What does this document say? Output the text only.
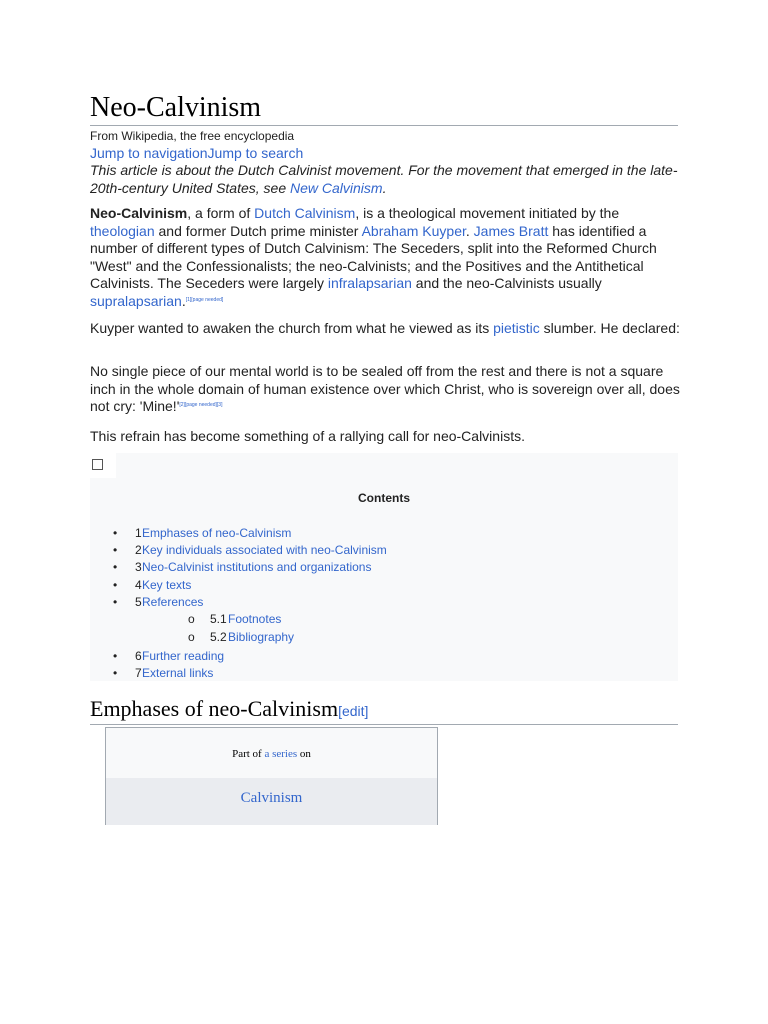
Neo-Calvinism
From Wikipedia, the free encyclopedia
Jump to navigationJump to search

This article is about the Dutch Calvinist movement. For the movement that emerged in the late-20th-century United States, see New Calvinism.

Neo-Calvinism, a form of Dutch Calvinism, is a theological movement initiated by the theologian and former Dutch prime minister Abraham Kuyper. James Bratt has identified a number of different types of Dutch Calvinism: The Seceders, split into the Reformed Church "West" and the Confessionalists; the neo-Calvinists; and the Positives and the Antithetical Calvinists. The Seceders were largely infralapsarian and the neo-Calvinists usually supralapsarian.[1][page needed]

Kuyper wanted to awaken the church from what he viewed as its pietistic slumber. He declared:

No single piece of our mental world is to be sealed off from the rest and there is not a square inch in the whole domain of human existence over which Christ, who is sovereign over all, does not cry: 'Mine!'[2][page needed][3]

This refrain has become something of a rallying call for neo-Calvinists.

Contents
• 1 Emphases of neo-Calvinism
• 2 Key individuals associated with neo-Calvinism
• 3 Neo-Calvinist institutions and organizations
• 4 Key texts
• 5 References
o 5.1 Footnotes
o 5.2 Bibliography
• 6 Further reading
• 7 External links
Emphases of neo-Calvinism[edit]
Part of a series on
Calvinism
